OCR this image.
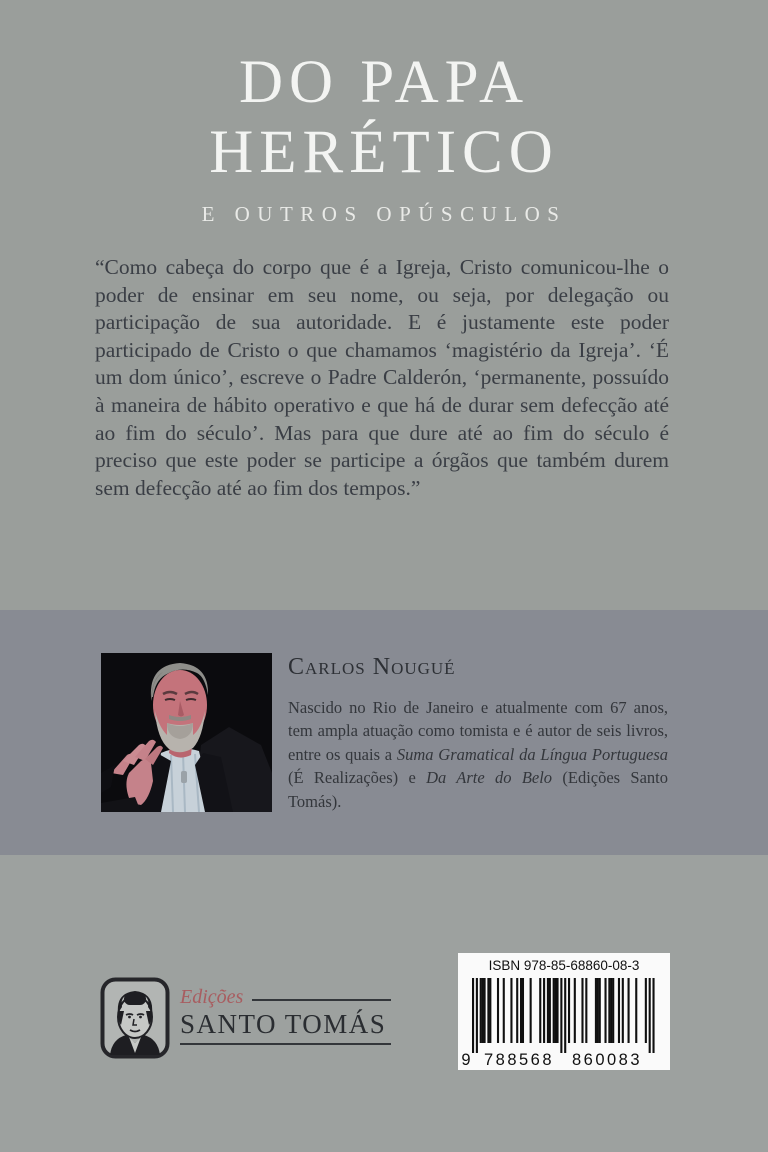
DO PAPA
HERÉTICO
E OUTROS OPÚSCULOS

“Como cabeça do corpo que é a Igreja, Cristo comunicou-lhe o poder de ensinar em seu nome, ou seja, por delegação ou participação de sua autoridade. E é justamente este poder participado de Cristo o que chamamos ‘magistério da Igreja’. ‘É um dom único’, escreve o Padre Calderón, ‘permanente, possuído à maneira de hábito operativo e que há de durar sem defecção até ao fim do século’. Mas para que dure até ao fim do século é preciso que este poder se participe a órgãos que também durem sem defecção até ao fim dos tempos.”

Carlos Nougué

Nascido no Rio de Janeiro e atualmente com 67 anos, tem ampla atuação como tomista e é autor de seis livros, entre os quais a Suma Gramatical da Língua Portuguesa (É Realizações) e Da Arte do Belo (Edições Santo Tomás).

Edições
SANTO TOMÁS
ISBN 978-85-68860-08-3
9 788568 860083
